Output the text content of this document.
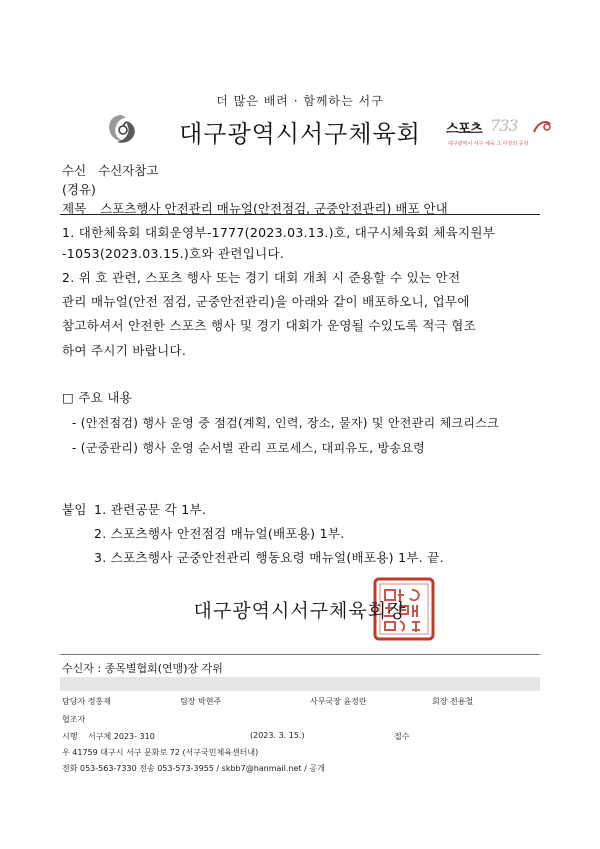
더 많은 배려 · 함께하는 서구
대구광역시서구체육회	스포츠 733
대구광역시 서구 체육 그 이상의 공감
수신 수신자참고
(경유)
제목 스포츠행사 안전관리 매뉴얼(안전점검, 군중안전관리) 배포 안내
1. 대한체육회 대회운영부-1777(2023.03.13.)호, 대구시체육회 체육지원부
-1053(2023.03.15.)호와 관련입니다.
2. 위 호 관련, 스포츠 행사 또는 경기 대회 개최 시 준용할 수 있는 안전
관리 매뉴얼(안전 점검, 군중안전관리)을 아래와 같이 배포하오니, 업무에
참고하셔서 안전한 스포츠 행사 및 경기 대회가 운영될 수있도록 적극 협조
하여 주시기 바랍니다.
□ 주요 내용
- (안전점검) 행사 운영 중 점검(계획, 인력, 장소, 물자) 및 안전관리 체크리스크
- (군중관리) 행사 운영 순서별 관리 프로세스, 대피유도, 방송요령
붙임 1. 관련공문 각 1부.
2. 스포츠행사 안전점검 매뉴얼(배포용) 1부.
3. 스포츠행사 군중안전관리 행동요령 매뉴얼(배포용) 1부. 끝.
대구광역시서구체육회장
수신자 : 종목별협회(연맹)장 각위
담당자 정홍재	팀장 박현주	사무국장 윤정란	회장 전용철
협조자
시행 서구체 2023- 310	(2023. 3. 15.)	접수
우 41759 대구시 서구 문화로 72 (서구국민체육센터내)
전화 053-563-7330 전송 053-573-3955 / skbb7@hanmail.net / 공개
